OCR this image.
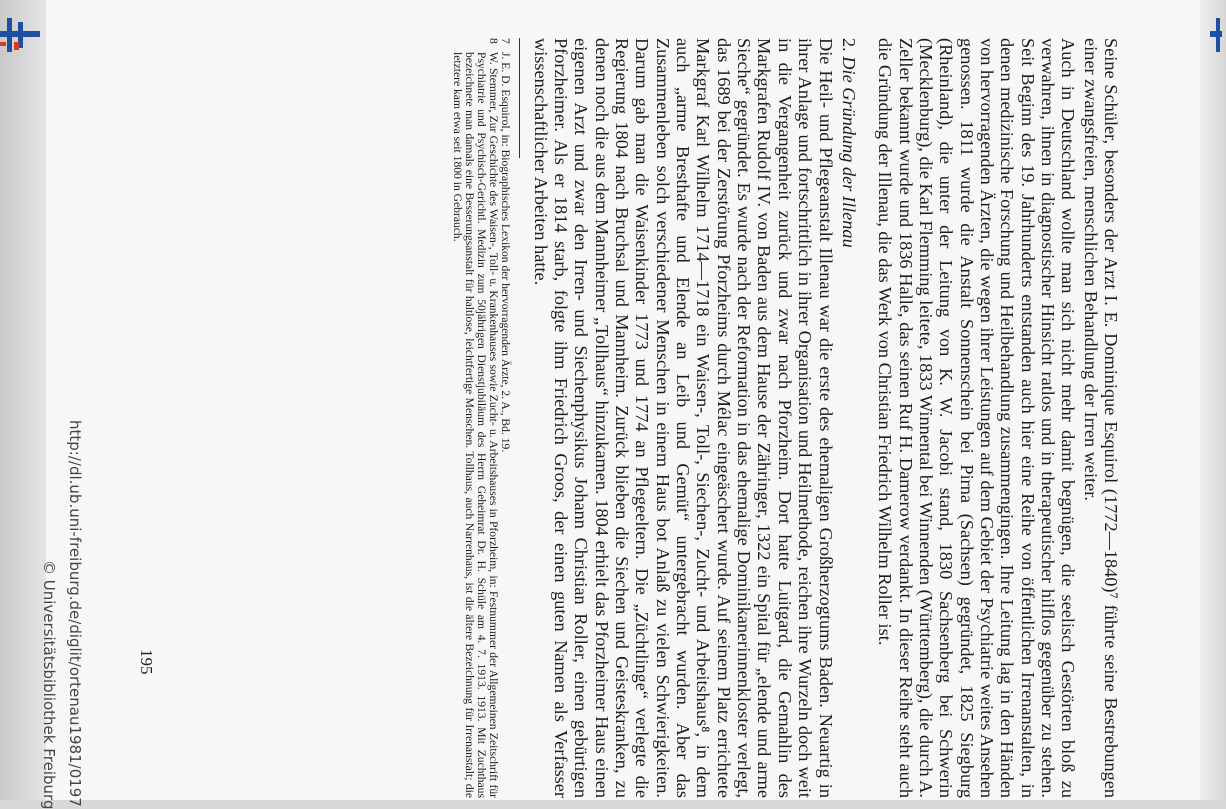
Seine Schüler, besonders der Arzt I. E. Dominique Esquirol (1772—1840)⁷ führte seine Bestrebungen einer zwangsfreien, menschlichen Behandlung der Irren weiter.

Auch in Deutschland wollte man sich nicht mehr damit begnügen, die seelisch Gestörten bloß zu verwahren, ihnen in diagnostischer Hinsicht ratlos und in therapeutischer hilflos gegenüber zu stehen. Seit Beginn des 19. Jahrhunderts entstanden auch hier eine Reihe von öffentlichen Irrenanstalten, in denen medizinische Forschung und Heilbehandlung zusammengingen. Ihre Leitung lag in den Händen von hervorragenden Ärzten, die wegen ihrer Leistungen auf dem Gebiet der Psychiatrie weites Ansehen genossen. 1811 wurde die Anstalt Sonnenschein bei Pirna (Sachsen) gegründet, 1825 Siegburg (Rheinland), die unter der Leitung von K. W. Jacobi stand, 1830 Sachsenberg bei Schwerin (Mecklenburg), die Karl Flemming leitete, 1833 Winnental bei Winnenden (Württemberg), die durch A. Zeller bekannt wurde und 1836 Halle, das seinen Ruf H. Damerow verdankt. In dieser Reihe steht auch die Gründung der Illenau, die das Werk von Christian Friedrich Wilhelm Roller ist.

2. Die Gründung der Illenau

Die Heil- und Pflegeanstalt Illenau war die erste des ehemaligen Großherzogtums Baden. Neuartig in ihrer Anlage und fortschrittlich in ihrer Organisation und Heilmethode, reichen ihre Wurzeln doch weit in die Vergangenheit zurück und zwar nach Pforzheim. Dort hatte Luitgard, die Gemahlin des Markgrafen Rudolf IV. von Baden aus dem Hause der Zähringer, 1322 ein Spital für „elende und arme Sieche“ gegründet. Es wurde nach der Reformation in das ehemalige Dominikanerinnenkloster verlegt, das 1689 bei der Zerstörung Pforzheims durch Mélac eingeäschert wurde. Auf seinem Platz errichtete Markgraf Karl Wilhelm 1714—1718 ein Waisen-, Toll-, Siechen-, Zucht- und Arbeitshaus⁸, in dem auch „arme Bresthafte und Elende an Leib und Gemüt“ untergebracht wurden. Aber das Zusammenleben solch verschiedener Menschen in einem Haus bot Anlaß zu vielen Schwierigkeiten. Darum gab man die Waisenkinder 1773 und 1774 an Pflegeeltern. Die „Züchtlinge“ verlegte die Regierung 1804 nach Bruchsal und Mannheim. Zurück blieben die Siechen und Geisteskranken, zu denen noch die aus dem Mannheimer „Tollhaus“ hinzukamen. 1804 erhielt das Pforzheimer Haus einen eigenen Arzt und zwar den Irren- und Siechenphysikus Johann Christian Roller, einen gebürtigen Pforzheimer. Als er 1814 starb, folgte ihm Friedrich Groos, der einen guten Namen als Verfasser wissenschaftlicher Arbeiten hatte.

7
J. E. D. Esquirol, in: Biographisches Lexikon der hervorragenden Ärzte, 2. A., Bd. 19.
8
W. Stemmer, Zur Geschichte des Waisen-, Toll- u. Krankenhauses sowie Zucht- u. Arbeitshauses in Pforzheim, in: Festnummer der Allgemeinen Zeitschrift für Psychiatrie und Psychisch-Gerichtl. Medizin zum 50jährigen Dienstjubiläum des Herrn Geheimrat Dr. H. Schüle am 4. 7. 1913. 1913. Mit Zuchthaus bezeichnete man damals eine Besserungsanstalt für haltlose, leichtfertige Menschen. Tollhaus, auch Narrenhaus, ist die ältere Bezeichnung für Irrenanstalt; die letztere kam etwa seit 1800 in Gebrauch.
195
http://dl.ub.uni-freiburg.de/diglit/ortenau1981/0197
© Universitätsbibliothek Freiburg
